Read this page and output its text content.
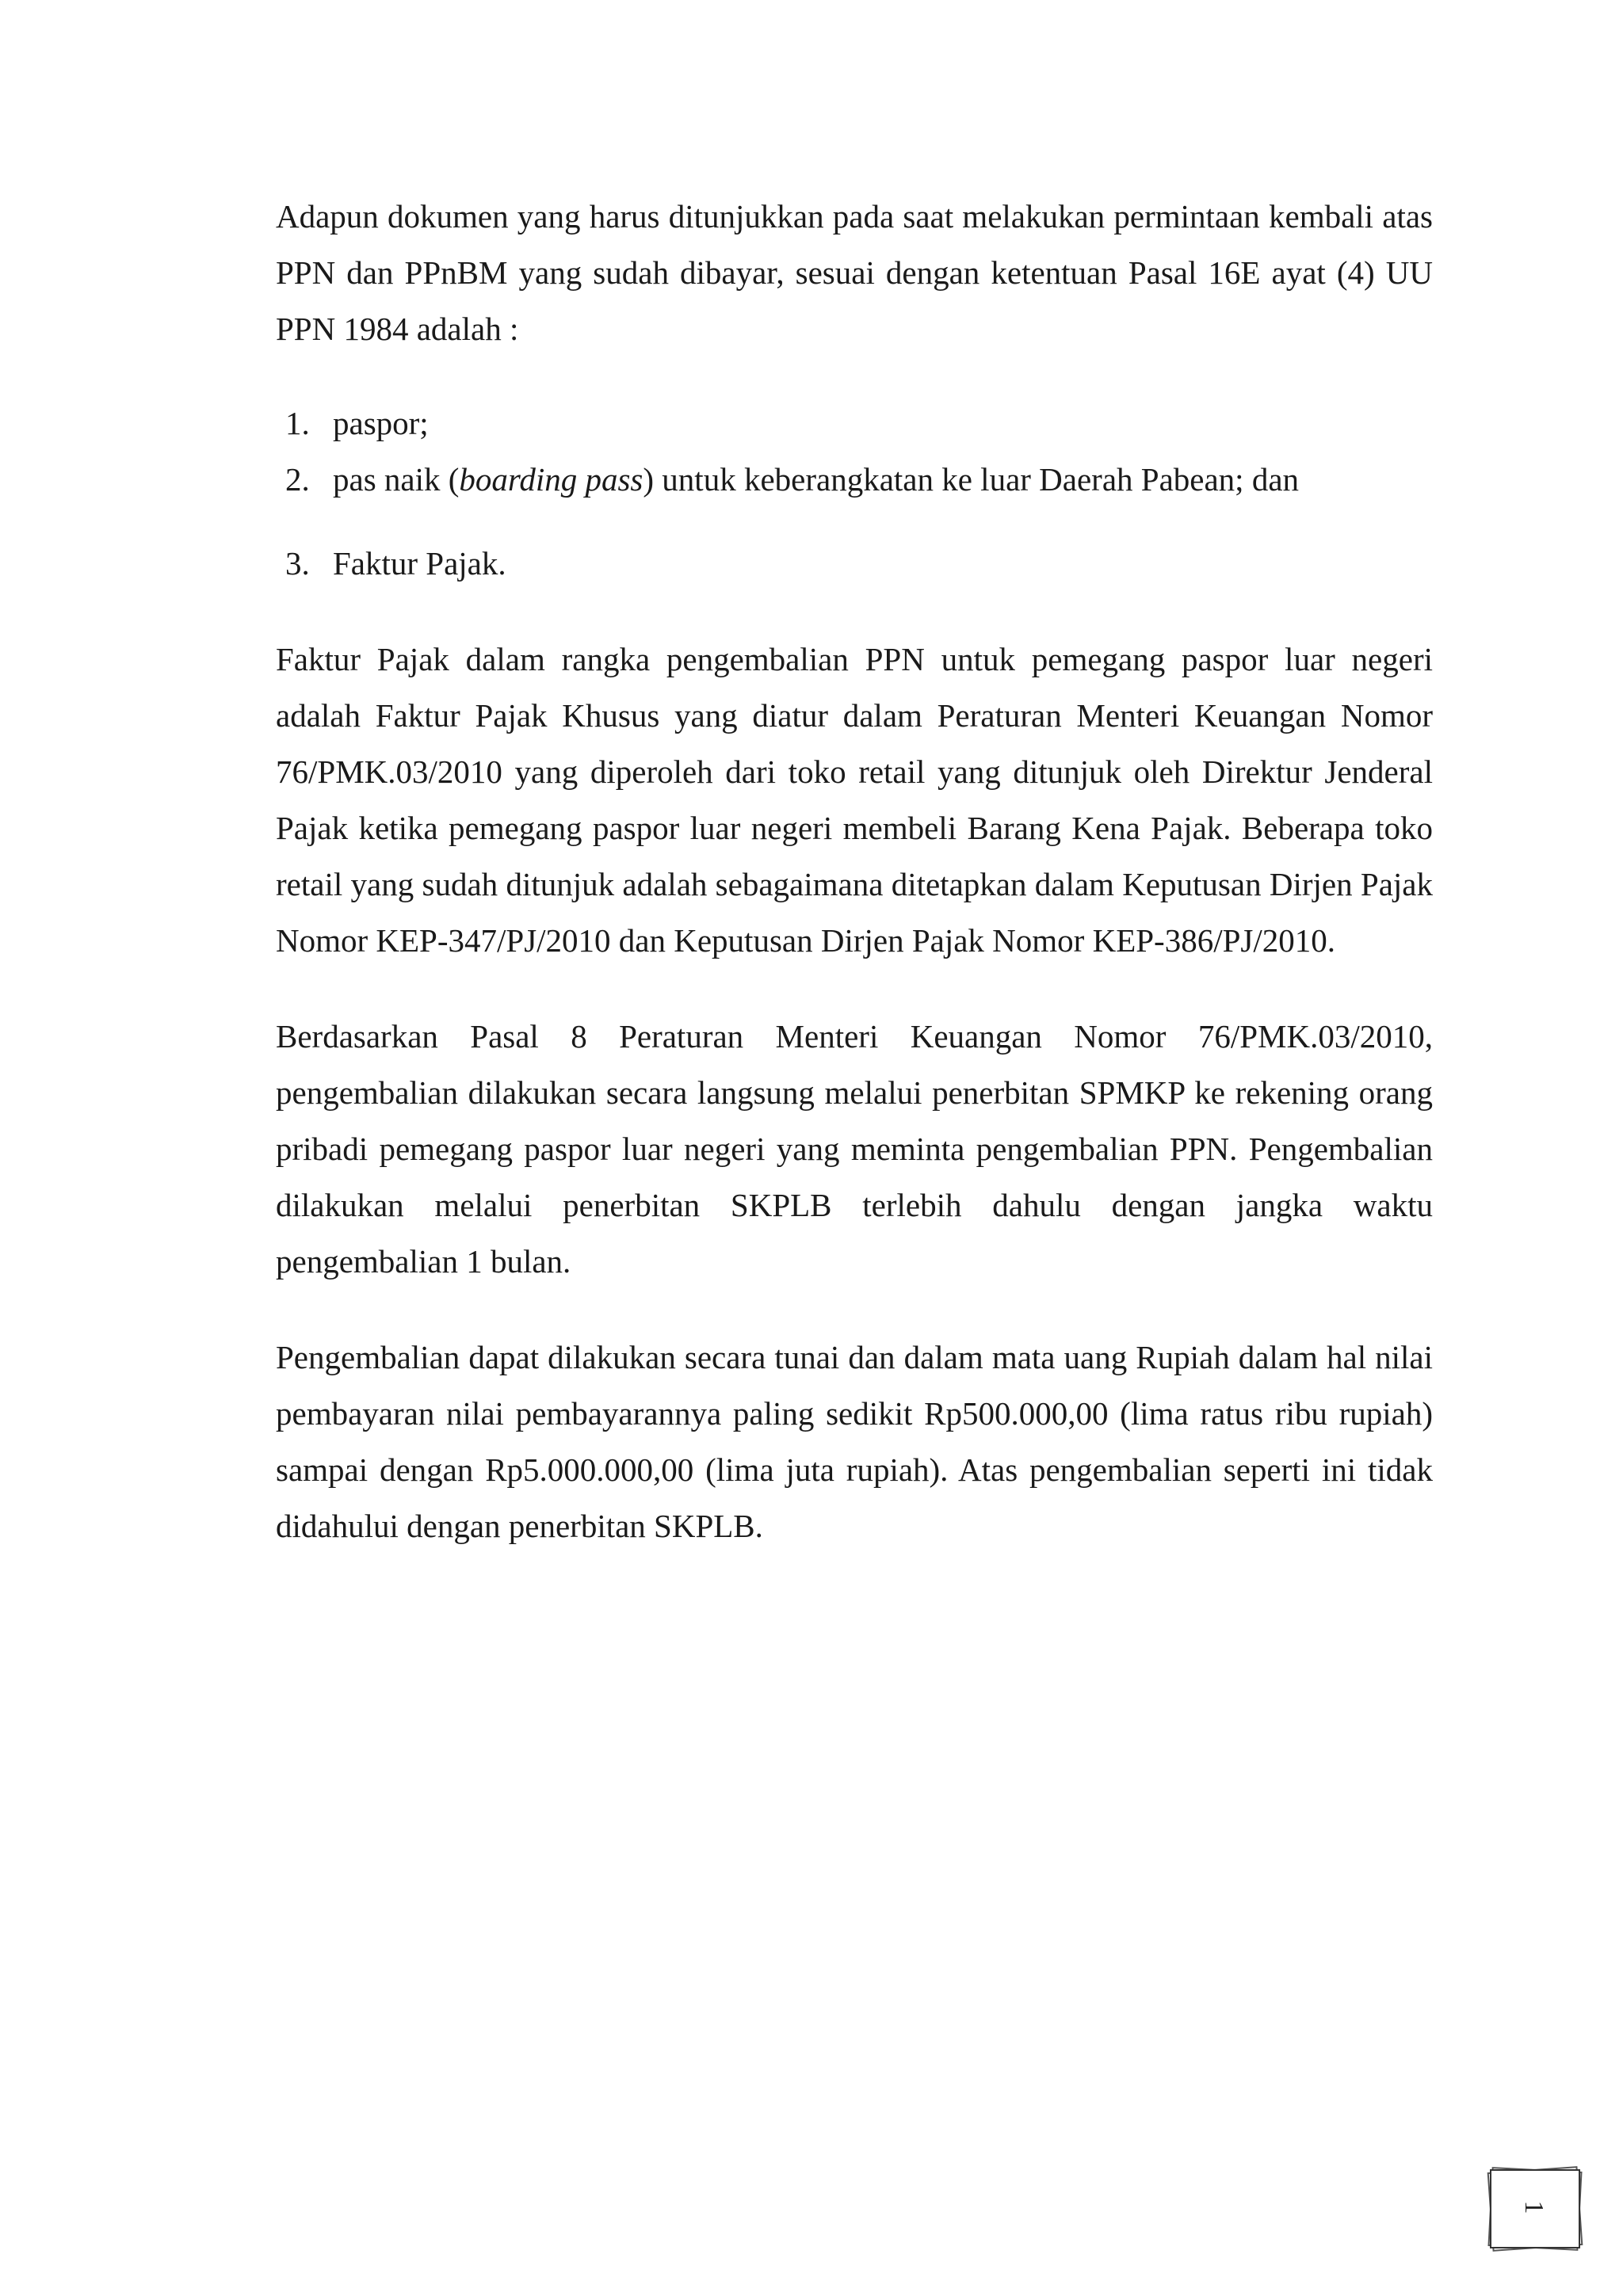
Adapun dokumen yang harus ditunjukkan pada saat melakukan permintaan kembali atas PPN dan PPnBM yang sudah dibayar, sesuai dengan ketentuan Pasal 16E ayat (4) UU PPN 1984 adalah :

1. paspor;
2. pas naik (boarding pass) untuk keberangkatan ke luar Daerah Pabean; dan
3. Faktur Pajak.

Faktur Pajak dalam rangka pengembalian PPN untuk pemegang paspor luar negeri adalah Faktur Pajak Khusus yang diatur dalam Peraturan Menteri Keuangan Nomor 76/PMK.03/2010 yang diperoleh dari toko retail yang ditunjuk oleh Direktur Jenderal Pajak ketika pemegang paspor luar negeri membeli Barang Kena Pajak. Beberapa toko retail yang sudah ditunjuk adalah sebagaimana ditetapkan dalam Keputusan Dirjen Pajak Nomor KEP-347/PJ/2010 dan Keputusan Dirjen Pajak Nomor KEP-386/PJ/2010.

Berdasarkan Pasal 8 Peraturan Menteri Keuangan Nomor 76/PMK.03/2010, pengembalian dilakukan secara langsung melalui penerbitan SPMKP ke rekening orang pribadi pemegang paspor luar negeri yang meminta pengembalian PPN. Pengembalian dilakukan melalui penerbitan SKPLB terlebih dahulu dengan jangka waktu pengembalian 1 bulan.

Pengembalian dapat dilakukan secara tunai dan dalam mata uang Rupiah dalam hal nilai pembayaran nilai pembayarannya paling sedikit Rp500.000,00 (lima ratus ribu rupiah) sampai dengan Rp5.000.000,00 (lima juta rupiah). Atas pengembalian seperti ini tidak didahului dengan penerbitan SKPLB.

1
